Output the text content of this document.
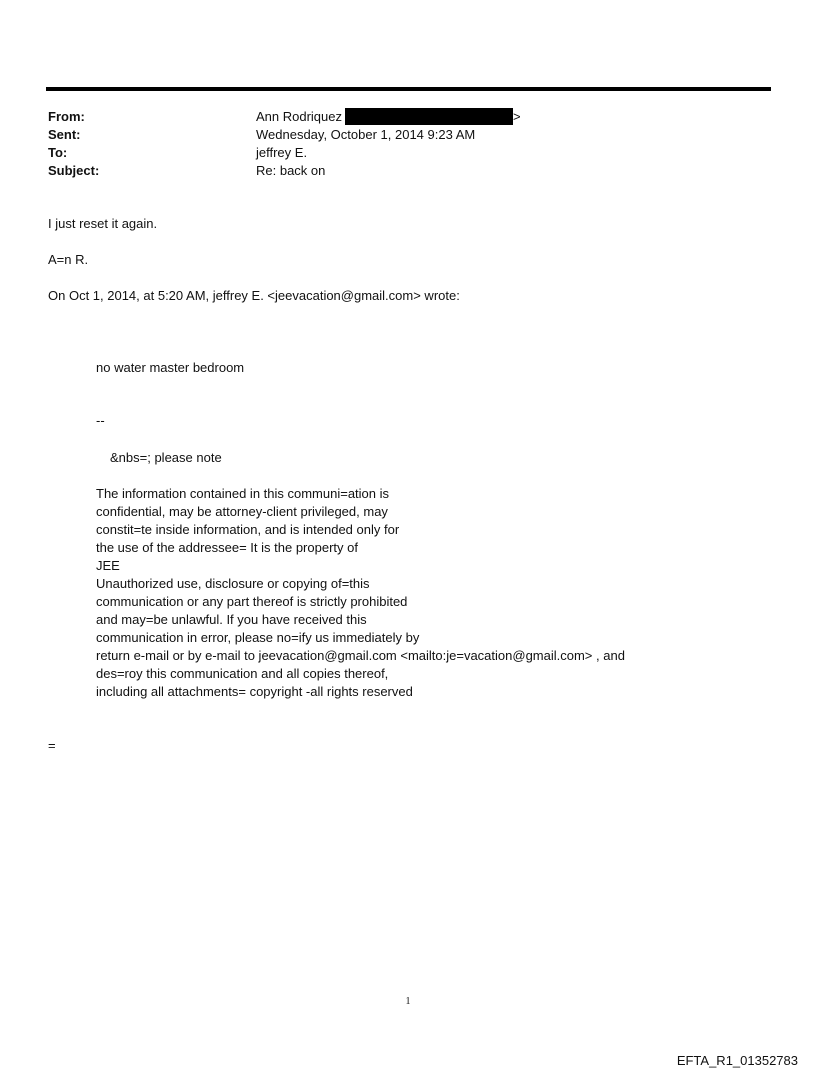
From:	Ann Rodriquez	>
Sent:	Wednesday, October 1, 2014 9:23 AM
To:	jeffrey E.
Subject:	Re: back on
I just reset it again.
A=n R.
On Oct 1, 2014, at 5:20 AM, jeffrey E. <jeevacation@gmail.com> wrote:
no water master bedroom
--
&nbs=; please note
The information contained in this communi=ation is
confidential, may be attorney-client privileged, may
constit=te inside information, and is intended only for
the use of the addressee= It is the property of
JEE
Unauthorized use, disclosure or copying of=this
communication or any part thereof is strictly prohibited
and may=be unlawful. If you have received this
communication in error, please no=ify us immediately by
return e-mail or by e-mail to jeevacation@gmail.com <mailto:je=vacation@gmail.com> , and
des=roy this communication and all copies thereof,
including all attachments= copyright -all rights reserved
=
1
EFTA_R1_01352783
